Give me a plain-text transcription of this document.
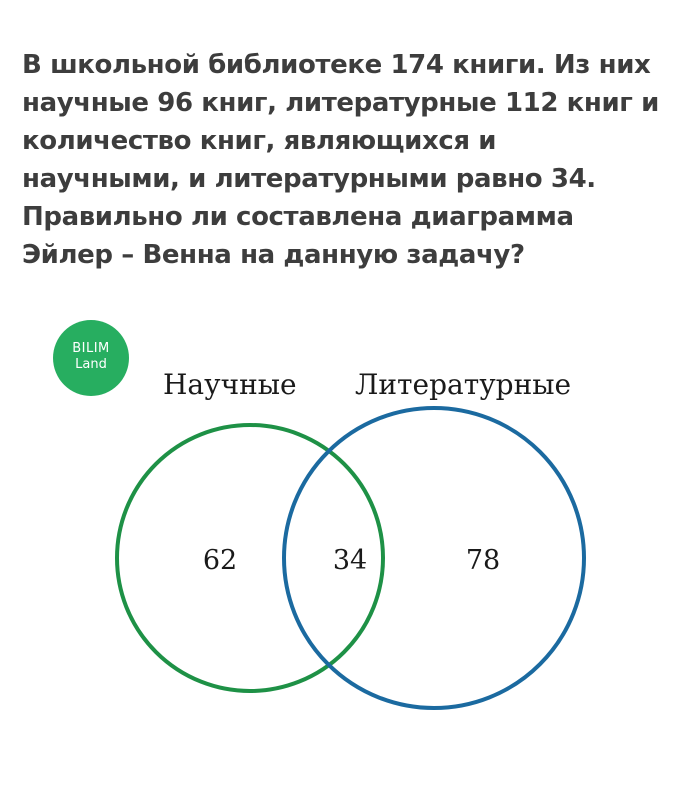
В школьной библиотеке 174 книги. Из них научные 96 книг, литературные 112 книг и количество книг, являющихся и научными, и литературными равно 34. Правильно ли составлена диаграмма Эйлер – Венна на данную задачу?

BILIM
Land
Научные Литературные
62	34	78
